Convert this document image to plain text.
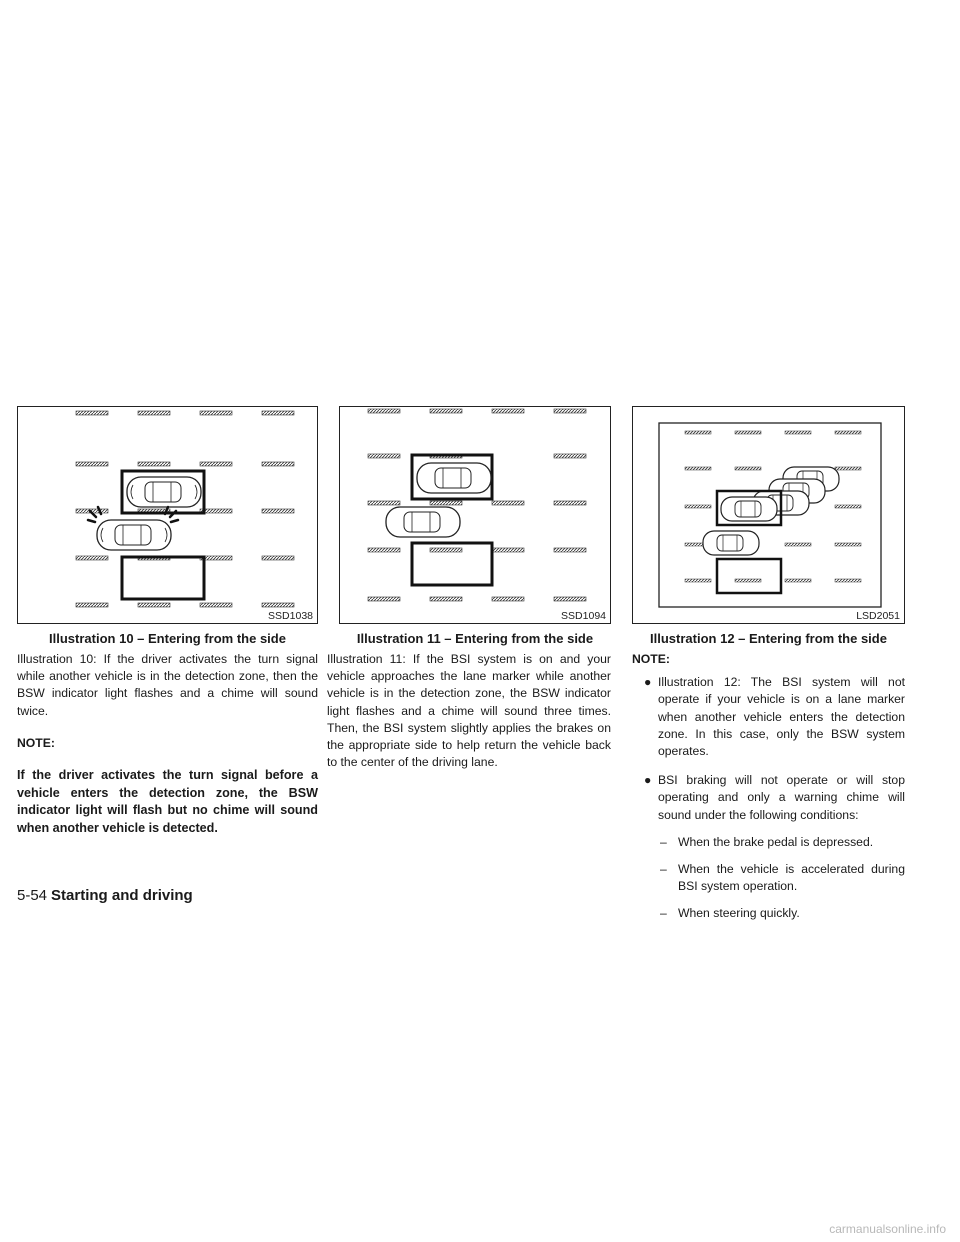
SSD1038	SSD1094	LSD2051
Illustration 10 – Entering from the side	Illustration 11 – Entering from the side	Illustration 12 – Entering from the side

Illustration 10: If the driver activates the turn signal while another vehicle is in the detection zone, then the BSW indicator light flashes and a chime will sound twice.

NOTE:

If the driver activates the turn signal before a vehicle enters the detection zone, the BSW indicator light will flash but no chime will sound when another vehicle is detected.

Illustration 11: If the BSI system is on and your vehicle approaches the lane marker while another vehicle is in the detection zone, the BSW indicator light flashes and a chime will sound three times. Then, the BSI system slightly applies the brakes on the appropriate side to help return the vehicle back to the center of the driving lane.

NOTE:

● Illustration 12: The BSI system will not operate if your vehicle is on a lane marker when another vehicle enters the detection zone. In this case, only the BSW system operates.
● BSI braking will not operate or will stop operating and only a warning chime will sound under the following conditions:
– When the brake pedal is depressed.
– When the vehicle is accelerated during BSI system operation.
– When steering quickly.
5-54 Starting and driving
carmanualsonline.info
